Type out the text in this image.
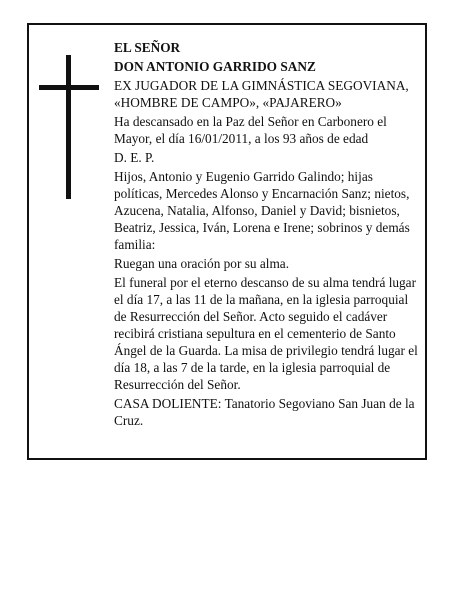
EL SEÑOR

DON ANTONIO GARRIDO SANZ

EX JUGADOR DE LA GIMNÁSTICA SEGOVIANA, «HOMBRE DE CAMPO», «PAJARERO»

Ha descansado en la Paz del Señor en Carbonero el Mayor, el día 16/01/2011, a los 93 años de edad

D. E. P.

Hijos, Antonio y Eugenio Garrido Galindo; hijas políticas, Mercedes Alonso y Encarnación Sanz; nietos, Azucena, Natalia, Alfonso, Daniel y David; bisnietos, Beatriz, Jessica, Iván, Lorena e Irene; sobrinos y demás familia:

Ruegan una oración por su alma.

El funeral por el eterno descanso de su alma tendrá lugar el día 17, a las 11 de la mañana, en la iglesia parroquial de Resurrección del Señor. Acto seguido el cadáver recibirá cristiana sepultura en el cementerio de Santo Ángel de la Guarda. La misa de privilegio tendrá lugar el día 18, a las 7 de la tarde, en la iglesia parroquial de Resurrección del Señor.

CASA DOLIENTE: Tanatorio Segoviano San Juan de la Cruz.
